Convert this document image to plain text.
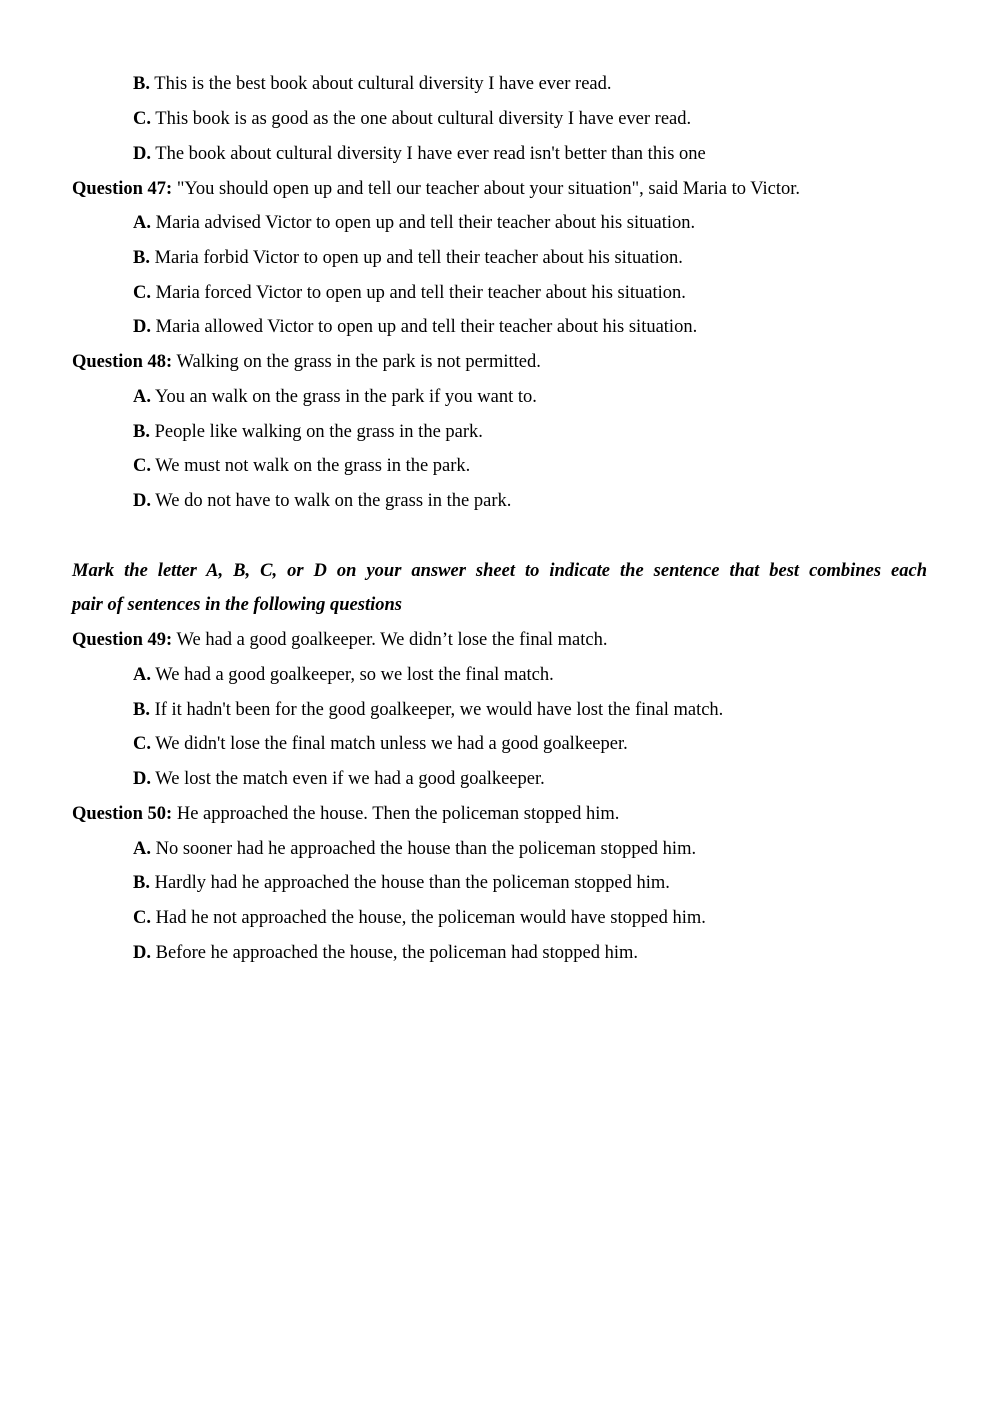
B. This is the best book about cultural diversity I have ever read.
C. This book is as good as the one about cultural diversity I have ever read.
D. The book about cultural diversity I have ever read isn't better than this one
Question 47: "You should open up and tell our teacher about your situation", said Maria to Victor.
A. Maria advised Victor to open up and tell their teacher about his situation.
B. Maria forbid Victor to open up and tell their teacher about his situation.
C. Maria forced Victor to open up and tell their teacher about his situation.
D. Maria allowed Victor to open up and tell their teacher about his situation.
Question 48: Walking on the grass in the park is not permitted.
A. You an walk on the grass in the park if you want to.
B. People like walking on the grass in the park.
C. We must not walk on the grass in the park.
D. We do not have to walk on the grass in the park.
Mark the letter A, B, C, or D on your answer sheet to indicate the sentence that best combines each
pair of sentences in the following questions
Question 49: We had a good goalkeeper. We didn’t lose the final match.
A. We had a good goalkeeper, so we lost the final match.
B. If it hadn't been for the good goalkeeper, we would have lost the final match.
C. We didn't lose the final match unless we had a good goalkeeper.
D. We lost the match even if we had a good goalkeeper.
Question 50: He approached the house. Then the policeman stopped him.
A. No sooner had he approached the house than the policeman stopped him.
B. Hardly had he approached the house than the policeman stopped him.
C. Had he not approached the house, the policeman would have stopped him.
D. Before he approached the house, the policeman had stopped him.
